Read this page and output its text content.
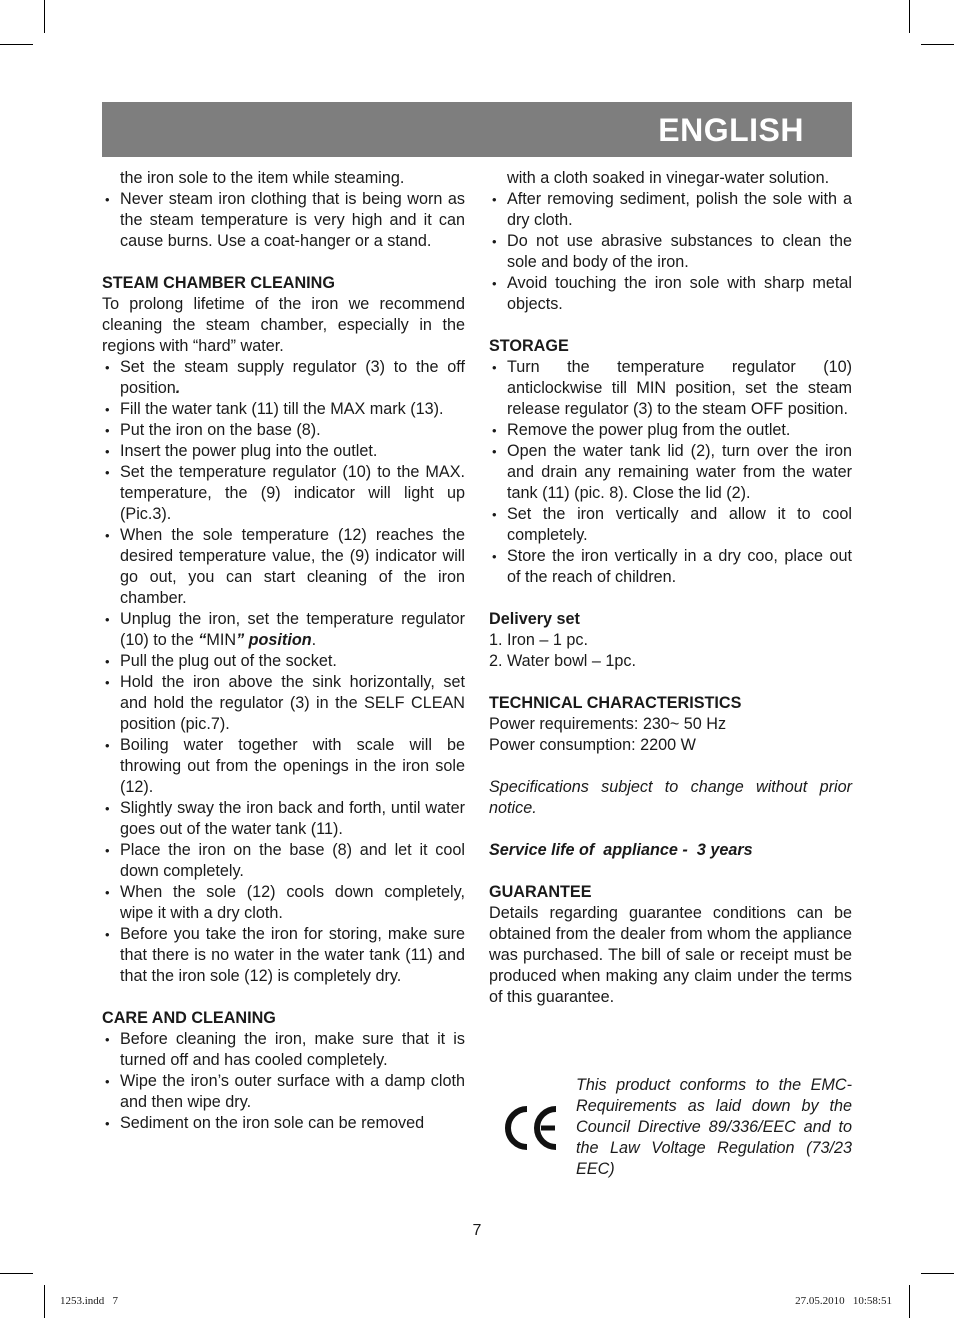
ENGLISH

the iron sole to the item while steaming.

• Never steam iron clothing that is being worn as the steam temperature is very high and it can cause burns. Use a coat-hanger or a stand.

STEAM CHAMBER CLEANING

To prolong lifetime of the iron we recommend cleaning the steam chamber, especially in the regions with “hard” water.

• Set the steam supply regulator (3) to the off position.
• Fill the water tank (11) till the MAX mark (13).
• Put the iron on the base (8).
• Insert the power plug into the outlet.
• Set the temperature regulator (10) to the MAX. temperature, the (9) indicator will light up (Pic.3).
• When the sole temperature (12) reaches the desired temperature value, the (9) indicator will go out, you can start cleaning of the iron chamber.
• Unplug the iron, set the temperature regulator (10) to the “MIN” position.
• Pull the plug out of the socket.
• Hold the iron above the sink horizontally, set and hold the regulator (3) in the SELF CLEAN position (pic.7).
• Boiling water together with scale will be throwing out from the openings in the iron sole (12).
• Slightly sway the iron back and forth, until water goes out of the water tank (11).
• Place the iron on the base (8) and let it cool down completely.
• When the sole (12) cools down completely, wipe it with a dry cloth.
• Before you take the iron for storing, make sure that there is no water in the water tank (11) and that the iron sole (12) is completely dry.

CARE AND CLEANING

• Before cleaning the iron, make sure that it is turned off and has cooled completely.
• Wipe the iron’s outer surface with a damp cloth and then wipe dry.
• Sediment on the iron sole can be removed

with a cloth soaked in vinegar-water solution.

• After removing sediment, polish the sole with a dry cloth.
• Do not use abrasive substances to clean the sole and body of the iron.
• Avoid touching the iron sole with sharp metal objects.

STORAGE

• Turn the temperature regulator (10) anticlockwise till MIN position, set the steam release regulator (3) to the steam OFF position.
• Remove the power plug from the outlet.
• Open the water tank lid (2), turn over the iron and drain any remaining water from the water tank (11) (pic. 8). Close the lid (2).
• Set the iron vertically and allow it to cool completely.
• Store the iron vertically in a dry coo, place out of the reach of children.

Delivery set

1. Iron – 1 pc.
2. Water bowl – 1pc.

TECHNICAL CHARACTERISTICS

Power requirements: 230~ 50 Hz

Power consumption: 2200 W

Specifications subject to change without prior notice.

Service life of  appliance -  3 years

GUARANTEE

Details regarding guarantee conditions can be obtained from the dealer from whom the appliance was purchased. The bill of sale or receipt must be produced when making any claim under the terms of this guarantee.

This product conforms to the EMC-Requirements as laid down by the Council Directive 89/336/EEC and to the Law Voltage Regulation (73/23 EEC)
7
1253.indd   7	27.05.2010   10:58:51
